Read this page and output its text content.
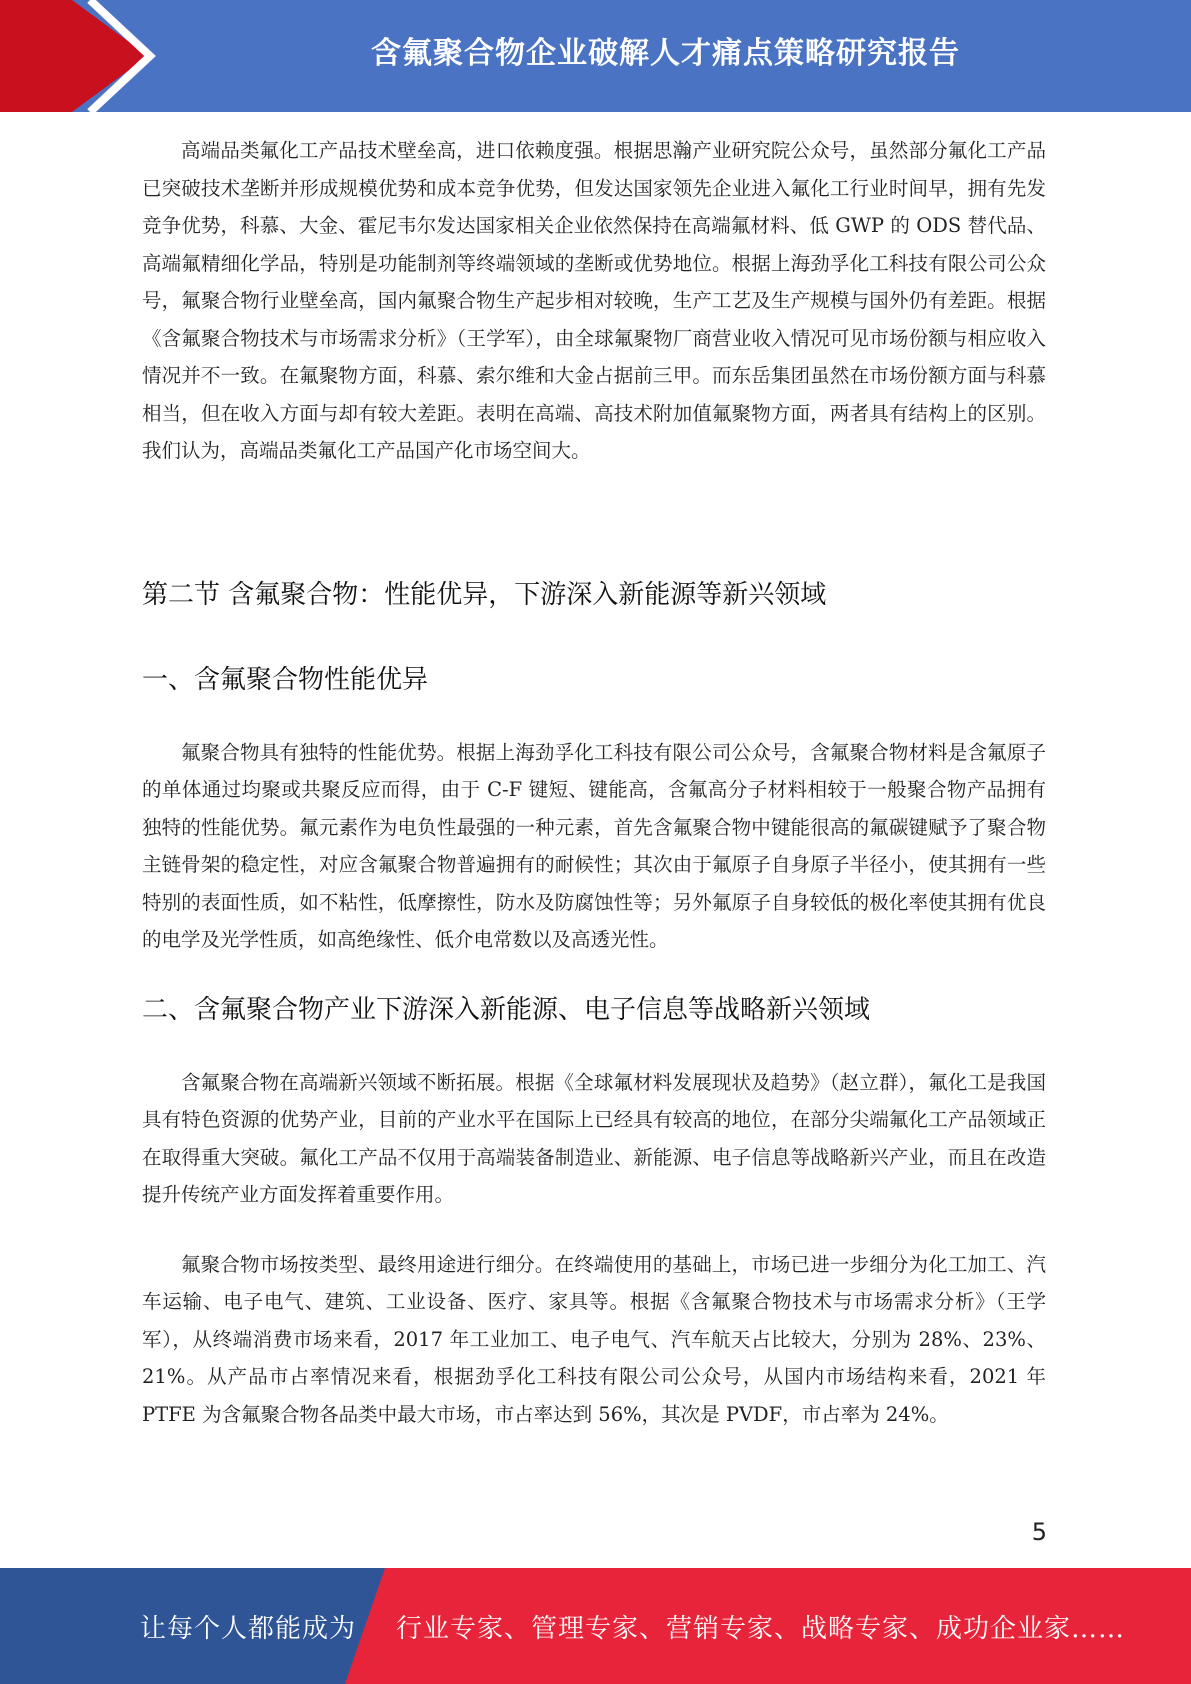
含氟聚合物企业破解人才痛点策略研究报告

高端品类氟化工产品技术壁垒高，进口依赖度强。根据思瀚产业研究院公众号，虽然部分氟化工产品已突破技术垄断并形成规模优势和成本竞争优势，但发达国家领先企业进入氟化工行业时间早，拥有先发竞争优势，科慕、大金、霍尼韦尔发达国家相关企业依然保持在高端氟材料、低 GWP 的 ODS 替代品、高端氟精细化学品，特别是功能制剂等终端领域的垄断或优势地位。根据上海劲孚化工科技有限公司公众号，氟聚合物行业壁垒高，国内氟聚合物生产起步相对较晚，生产工艺及生产规模与国外仍有差距。根据《含氟聚合物技术与市场需求分析》（王学军），由全球氟聚物厂商营业收入情况可见市场份额与相应收入情况并不一致。在氟聚物方面，科慕、索尔维和大金占据前三甲。而东岳集团虽然在市场份额方面与科慕相当，但在收入方面与却有较大差距。表明在高端、高技术附加值氟聚物方面，两者具有结构上的区别。我们认为，高端品类氟化工产品国产化市场空间大。

第二节 含氟聚合物：性能优异，下游深入新能源等新兴领域
一、含氟聚合物性能优异

氟聚合物具有独特的性能优势。根据上海劲孚化工科技有限公司公众号，含氟聚合物材料是含氟原子的单体通过均聚或共聚反应而得，由于 C-F 键短、键能高，含氟高分子材料相较于一般聚合物产品拥有独特的性能优势。氟元素作为电负性最强的一种元素，首先含氟聚合物中键能很高的氟碳键赋予了聚合物主链骨架的稳定性，对应含氟聚合物普遍拥有的耐候性；其次由于氟原子自身原子半径小，使其拥有一些特别的表面性质，如不粘性，低摩擦性，防水及防腐蚀性等；另外氟原子自身较低的极化率使其拥有优良的电学及光学性质，如高绝缘性、低介电常数以及高透光性。

二、含氟聚合物产业下游深入新能源、电子信息等战略新兴领域

含氟聚合物在高端新兴领域不断拓展。根据《全球氟材料发展现状及趋势》（赵立群），氟化工是我国具有特色资源的优势产业，目前的产业水平在国际上已经具有较高的地位，在部分尖端氟化工产品领域正在取得重大突破。氟化工产品不仅用于高端装备制造业、新能源、电子信息等战略新兴产业，而且在改造提升传统产业方面发挥着重要作用。

氟聚合物市场按类型、最终用途进行细分。在终端使用的基础上，市场已进一步细分为化工加工、汽车运输、电子电气、建筑、工业设备、医疗、家具等。根据《含氟聚合物技术与市场需求分析》（王学军），从终端消费市场来看，2017 年工业加工、电子电气、汽车航天占比较大，分别为 28%、23%、21%。从产品市占率情况来看，根据劲孚化工科技有限公司公众号，从国内市场结构来看，2021 年 PTFE 为含氟聚合物各品类中最大市场，市占率达到 56%，其次是 PVDF，市占率为 24%。

5
让每个人都能成为 行业专家、管理专家、营销专家、战略专家、成功企业家……
